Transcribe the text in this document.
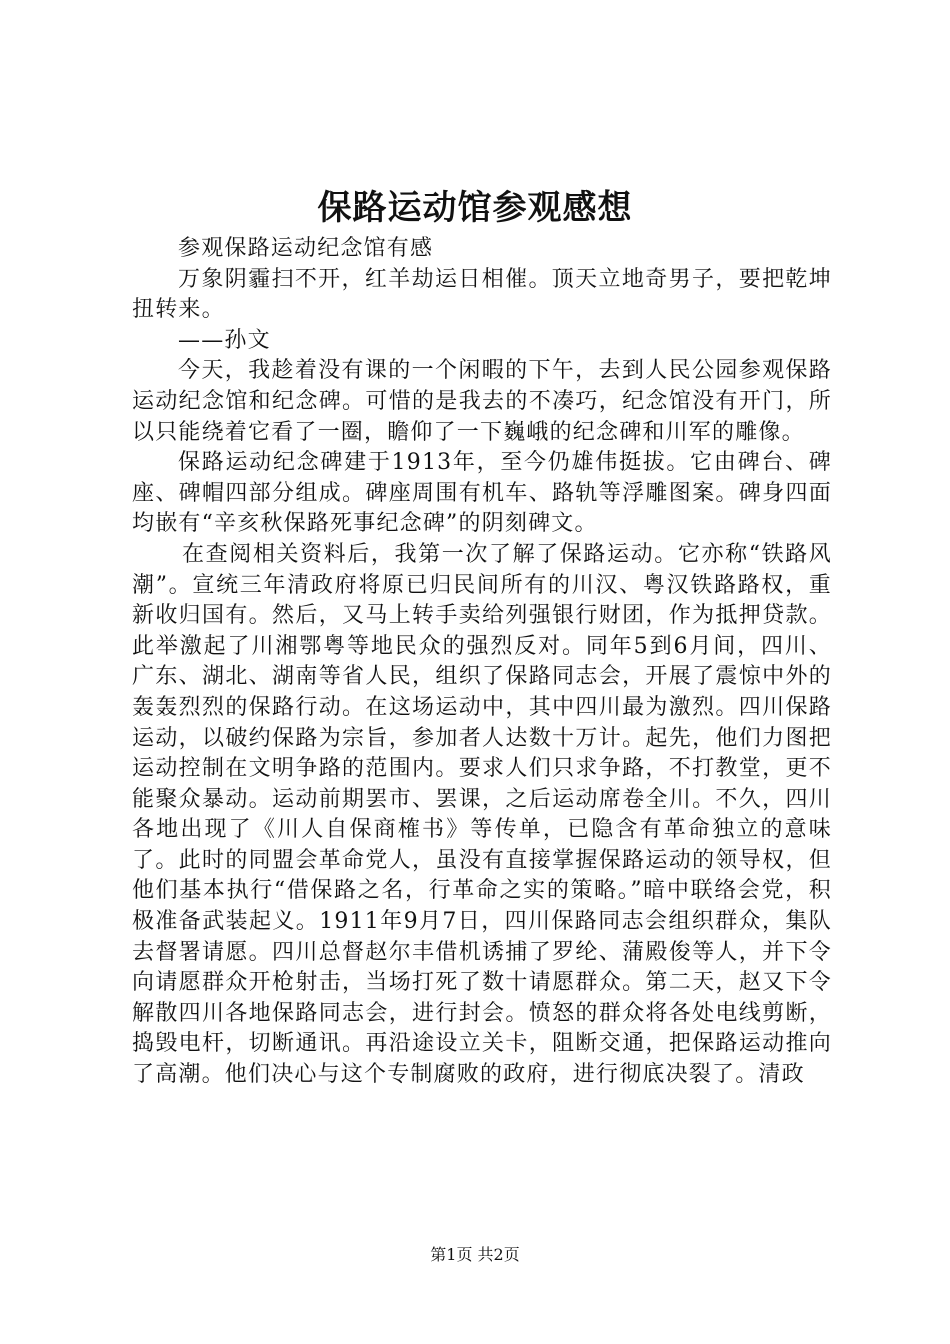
保路运动馆参观感想

参观保路运动纪念馆有感

万象阴霾扫不开，红羊劫运日相催。顶天立地奇男子，要把乾坤扭转来。

——孙文

今天，我趁着没有课的一个闲暇的下午，去到人民公园参观保路运动纪念馆和纪念碑。可惜的是我去的不凑巧，纪念馆没有开门，所以只能绕着它看了一圈，瞻仰了一下巍峨的纪念碑和川军的雕像。

保路运动纪念碑建于1913年，至今仍雄伟挺拔。它由碑台、碑座、碑帽四部分组成。碑座周围有机车、路轨等浮雕图案。碑身四面均嵌有“辛亥秋保路死事纪念碑”的阴刻碑文。

在查阅相关资料后，我第一次了解了保路运动。它亦称“铁路风潮”。宣统三年清政府将原已归民间所有的川汉、粤汉铁路路权，重新收归国有。然后，又马上转手卖给列强银行财团，作为抵押贷款。此举激起了川湘鄂粤等地民众的强烈反对。同年5到6月间，四川、广东、湖北、湖南等省人民，组织了保路同志会，开展了震惊中外的轰轰烈烈的保路行动。在这场运动中，其中四川最为激烈。四川保路运动，以破约保路为宗旨，参加者人达数十万计。起先，他们力图把运动控制在文明争路的范围内。要求人们只求争路，不打教堂，更不能聚众暴动。运动前期罢市、罢课，之后运动席卷全川。不久，四川各地出现了《川人自保商榷书》等传单，已隐含有革命独立的意味了。此时的同盟会革命党人，虽没有直接掌握保路运动的领导权，但他们基本执行“借保路之名，行革命之实的策略。”暗中联络会党，积极准备武装起义。1911年9月7日，四川保路同志会组织群众，集队去督署请愿。四川总督赵尔丰借机诱捕了罗纶、蒲殿俊等人，并下令向请愿群众开枪射击，当场打死了数十请愿群众。第二天，赵又下令解散四川各地保路同志会，进行封会。愤怒的群众将各处电线剪断，捣毁电杆，切断通讯。再沿途设立关卡，阻断交通，把保路运动推向了高潮。他们决心与这个专制腐败的政府，进行彻底决裂了。清政

第1页 共2页
